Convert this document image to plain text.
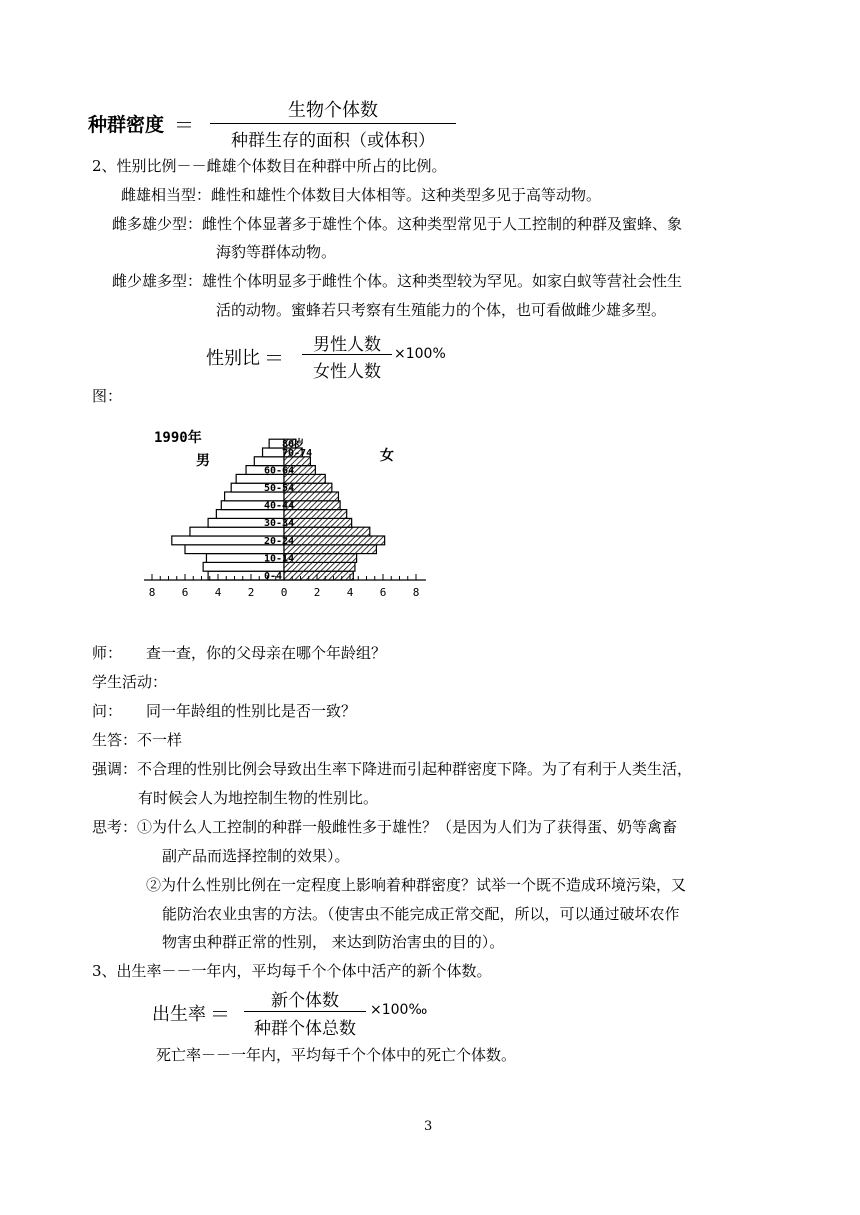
种群密度 ＝
生物个体数
种群生存的面积（或体积）
2、性别比例－－雌雄个体数目在种群中所占的比例。
雌雄相当型：雌性和雄性个体数目大体相等。这种类型多见于高等动物。
雌多雄少型：雌性个体显著多于雄性个体。这种类型常见于人工控制的种群及蜜蜂、象
海豹等群体动物。
雌少雄多型：雄性个体明显多于雌性个体。这种类型较为罕见。如家白蚁等营社会性生
活的动物。蜜蜂若只考察有生殖能力的个体，也可看做雌少雄多型。
性别比 ＝
男性人数
女性人数
×100%
图：
1990年
男	女
0-4
10-14
20-24
30-34
40-44
50-54
60-64
70-74
80岁
8 6 4 2 0 2 4 6 8
师： 查一查，你的父母亲在哪个年龄组？
学生活动：
问： 同一年龄组的性别比是否一致？
生答：不一样
强调：不合理的性别比例会导致出生率下降进而引起种群密度下降。为了有利于人类生活，
有时候会人为地控制生物的性别比。
思考：①为什么人工控制的种群一般雌性多于雄性？（是因为人们为了获得蛋、奶等禽畜
副产品而选择控制的效果）。
②为什么性别比例在一定程度上影响着种群密度？试举一个既不造成环境污染，又
能防治农业虫害的方法。（使害虫不能完成正常交配，所以，可以通过破坏农作
物害虫种群正常的性别， 来达到防治害虫的目的）。
3、出生率－－一年内，平均每千个个体中活产的新个体数。
出生率 ＝
新个体数
种群个体总数
×100‰
死亡率－－一年内，平均每千个个体中的死亡个体数。
3
